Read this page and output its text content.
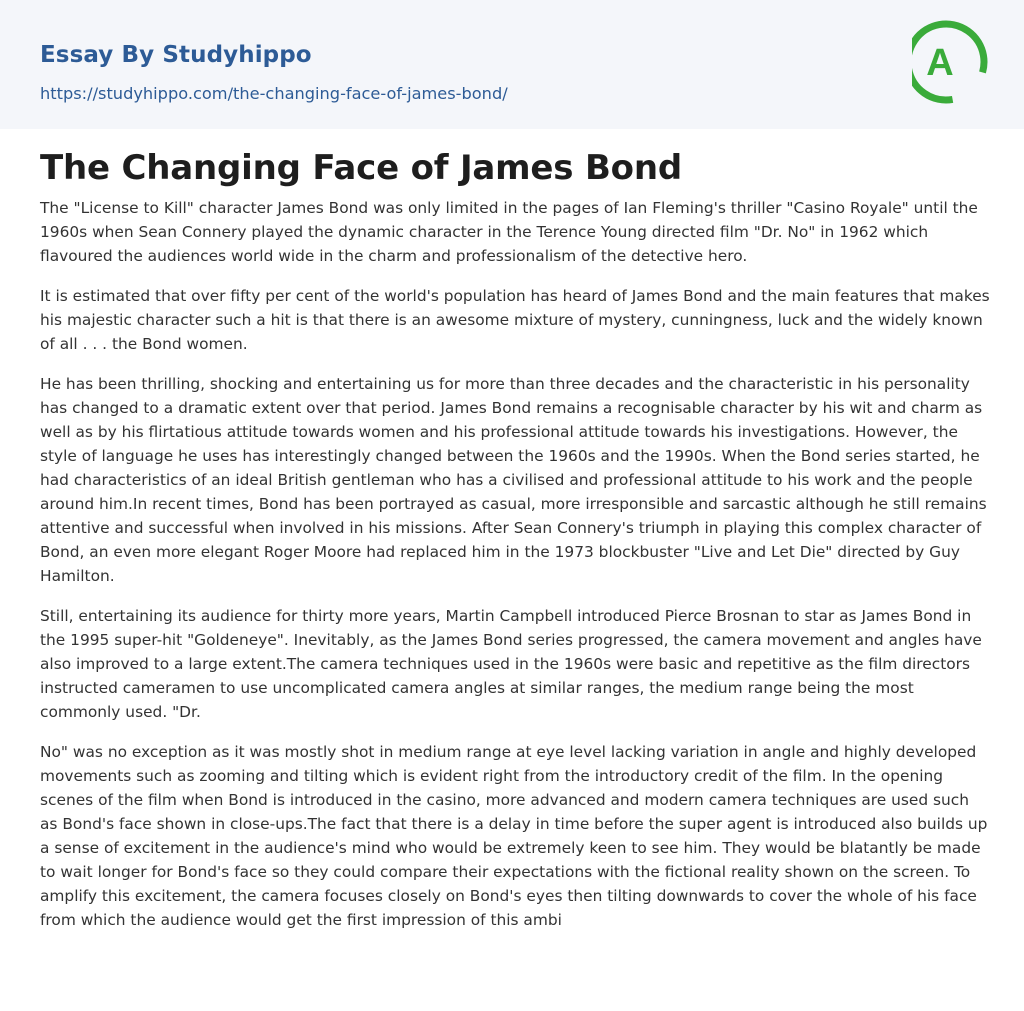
Essay By Studyhippo
https://studyhippo.com/the-changing-face-of-james-bond/
A
The Changing Face of James Bond

The "License to Kill" character James Bond was only limited in the pages of Ian Fleming's thriller "Casino Royale" until the 1960s when Sean Connery played the dynamic character in the Terence Young directed film "Dr. No" in 1962 which flavoured the audiences world wide in the charm and professionalism of the detective hero.

It is estimated that over fifty per cent of the world's population has heard of James Bond and the main features that makes his majestic character such a hit is that there is an awesome mixture of mystery, cunningness, luck and the widely known of all . . . the Bond women.

He has been thrilling, shocking and entertaining us for more than three decades and the characteristic in his personality has changed to a dramatic extent over that period. James Bond remains a recognisable character by his wit and charm as well as by his flirtatious attitude towards women and his professional attitude towards his investigations. However, the style of language he uses has interestingly changed between the 1960s and the 1990s. When the Bond series started, he had characteristics of an ideal British gentleman who has a civilised and professional attitude to his work and the people around him.In recent times, Bond has been portrayed as casual, more irresponsible and sarcastic although he still remains attentive and successful when involved in his missions. After Sean Connery's triumph in playing this complex character of Bond, an even more elegant Roger Moore had replaced him in the 1973 blockbuster "Live and Let Die" directed by Guy Hamilton.

Still, entertaining its audience for thirty more years, Martin Campbell introduced Pierce Brosnan to star as James Bond in the 1995 super-hit "Goldeneye". Inevitably, as the James Bond series progressed, the camera movement and angles have also improved to a large extent.The camera techniques used in the 1960s were basic and repetitive as the film directors instructed cameramen to use uncomplicated camera angles at similar ranges, the medium range being the most commonly used. "Dr.

No" was no exception as it was mostly shot in medium range at eye level lacking variation in angle and highly developed movements such as zooming and tilting which is evident right from the introductory credit of the film. In the opening scenes of the film when Bond is introduced in the casino, more advanced and modern camera techniques are used such as Bond's face shown in close-ups.The fact that there is a delay in time before the super agent is introduced also builds up a sense of excitement in the audience's mind who would be extremely keen to see him. They would be blatantly be made to wait longer for Bond's face so they could compare their expectations with the fictional reality shown on the screen. To amplify this excitement, the camera focuses closely on Bond's eyes then tilting downwards to cover the whole of his face from which the audience would get the first impression of this ambi
